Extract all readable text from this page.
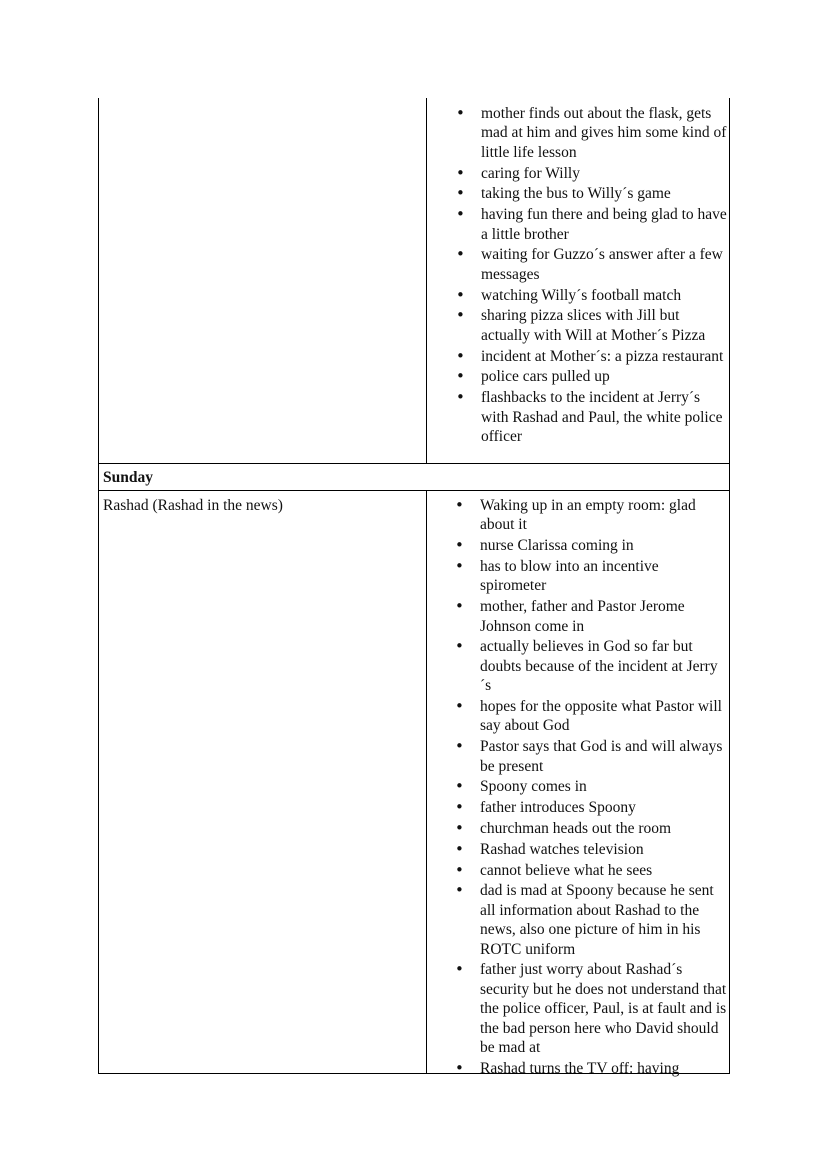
• mother finds out about the flask, gets mad at him and gives him some kind of little life lesson
• caring for Willy
• taking the bus to Willy´s game
• having fun there and being glad to have a little brother
• waiting for Guzzo´s answer after a few messages
• watching Willy´s football match
• sharing pizza slices with Jill but actually with Will at Mother´s Pizza
• incident at Mother´s: a pizza restaurant
• police cars pulled up
• flashbacks to the incident at Jerry´s with Rashad and Paul, the white police officer

Sunday

Rashad (Rashad in the news)

•	Waking up in an empty room: glad about it
• nurse Clarissa coming in
• has to blow into an incentive spirometer
• mother, father and Pastor Jerome Johnson come in
• actually believes in God so far but doubts because of the incident at Jerry´s
• hopes for the opposite what Pastor will say about God
• Pastor says that God is and will always be present
• Spoony comes in
• father introduces Spoony
• churchman heads out the room
• Rashad watches television
• cannot believe what he sees
• dad is mad at Spoony because he sent all information about Rashad to the news, also one picture of him in his ROTC uniform
• father just worry about Rashad´s security but he does not understand that the police officer, Paul, is at fault and is the bad person here who David should be mad at
• Rashad turns the TV off: having
